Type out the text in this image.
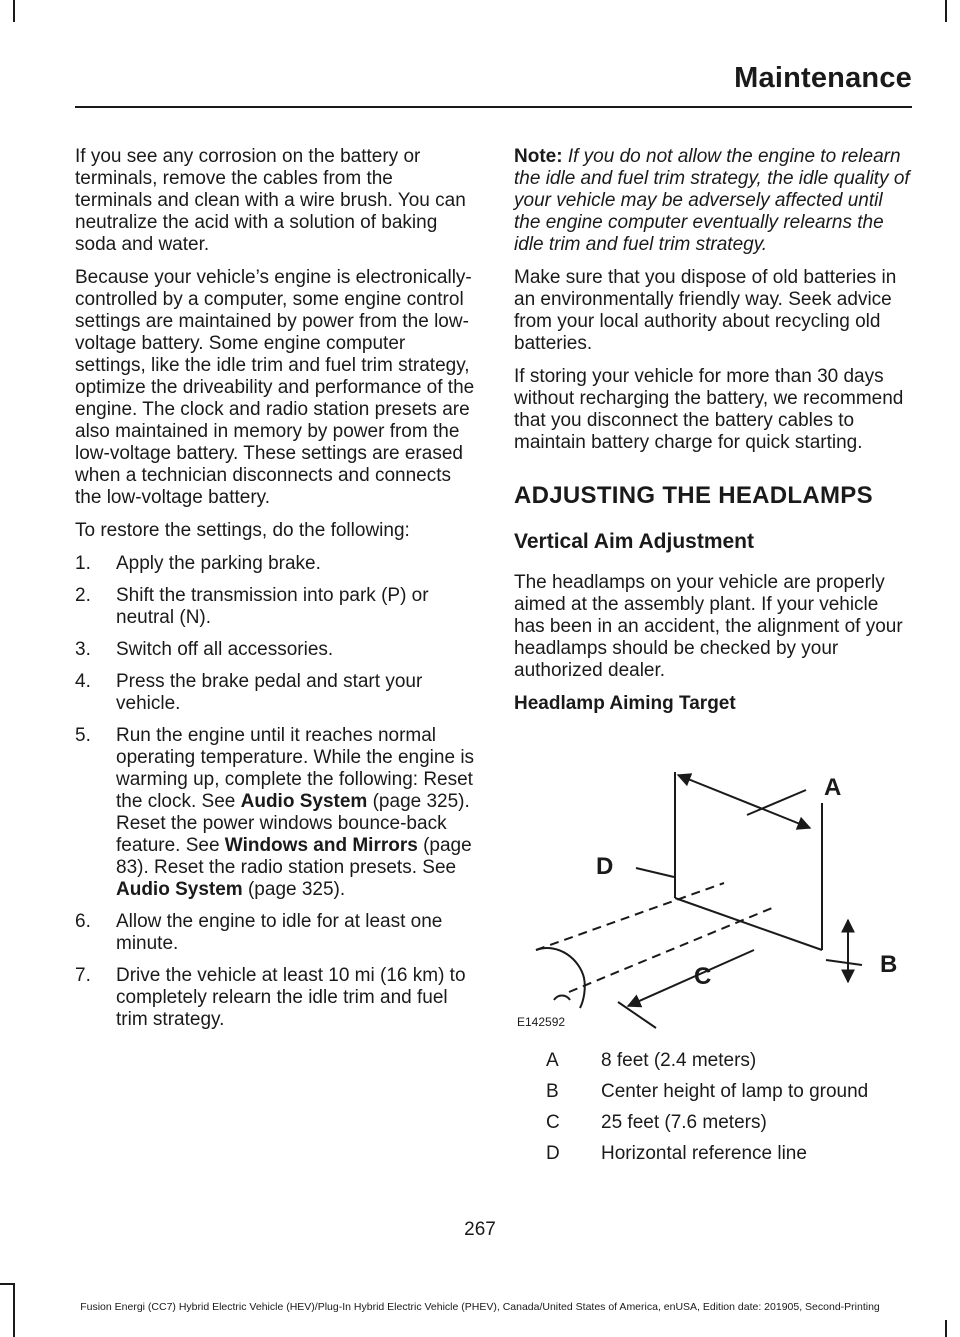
Maintenance

If you see any corrosion on the battery or terminals, remove the cables from the terminals and clean with a wire brush. You can neutralize the acid with a solution of baking soda and water.

Because your vehicle’s engine is electronically-controlled by a computer, some engine control settings are maintained by power from the low-voltage battery. Some engine computer settings, like the idle trim and fuel trim strategy, optimize the driveability and performance of the engine. The clock and radio station presets are also maintained in memory by power from the low-voltage battery. These settings are erased when a technician disconnects and connects the low-voltage battery.

To restore the settings, do the following:

1. Apply the parking brake.
2. Shift the transmission into park (P) or neutral (N).
3. Switch off all accessories.
4. Press the brake pedal and start your vehicle.
5. Run the engine until it reaches normal operating temperature. While the engine is warming up, complete the following: Reset the clock. See Audio System (page 325). Reset the power windows bounce-back feature. See Windows and Mirrors (page 83). Reset the radio station presets. See Audio System (page 325).
6. Allow the engine to idle for at least one minute.
7. Drive the vehicle at least 10 mi (16 km) to completely relearn the idle trim and fuel trim strategy.

Note: If you do not allow the engine to relearn the idle and fuel trim strategy, the idle quality of your vehicle may be adversely affected until the engine computer eventually relearns the idle trim and fuel trim strategy.

Make sure that you dispose of old batteries in an environmentally friendly way. Seek advice from your local authority about recycling old batteries.

If storing your vehicle for more than 30 days without recharging the battery, we recommend that you disconnect the battery cables to maintain battery charge for quick starting.

ADJUSTING THE HEADLAMPS
Vertical Aim Adjustment

The headlamps on your vehicle are properly aimed at the assembly plant. If your vehicle has been in an accident, the alignment of your headlamps should be checked by your authorized dealer.

Headlamp Aiming Target
A
B
C
D
E142592
A 8 feet (2.4 meters)
B Center height of lamp to ground
C 25 feet (7.6 meters)
D Horizontal reference line
267
Fusion Energi (CC7) Hybrid Electric Vehicle (HEV)/Plug-In Hybrid Electric Vehicle (PHEV), Canada/United States of America, enUSA, Edition date: 201905, Second-Printing
